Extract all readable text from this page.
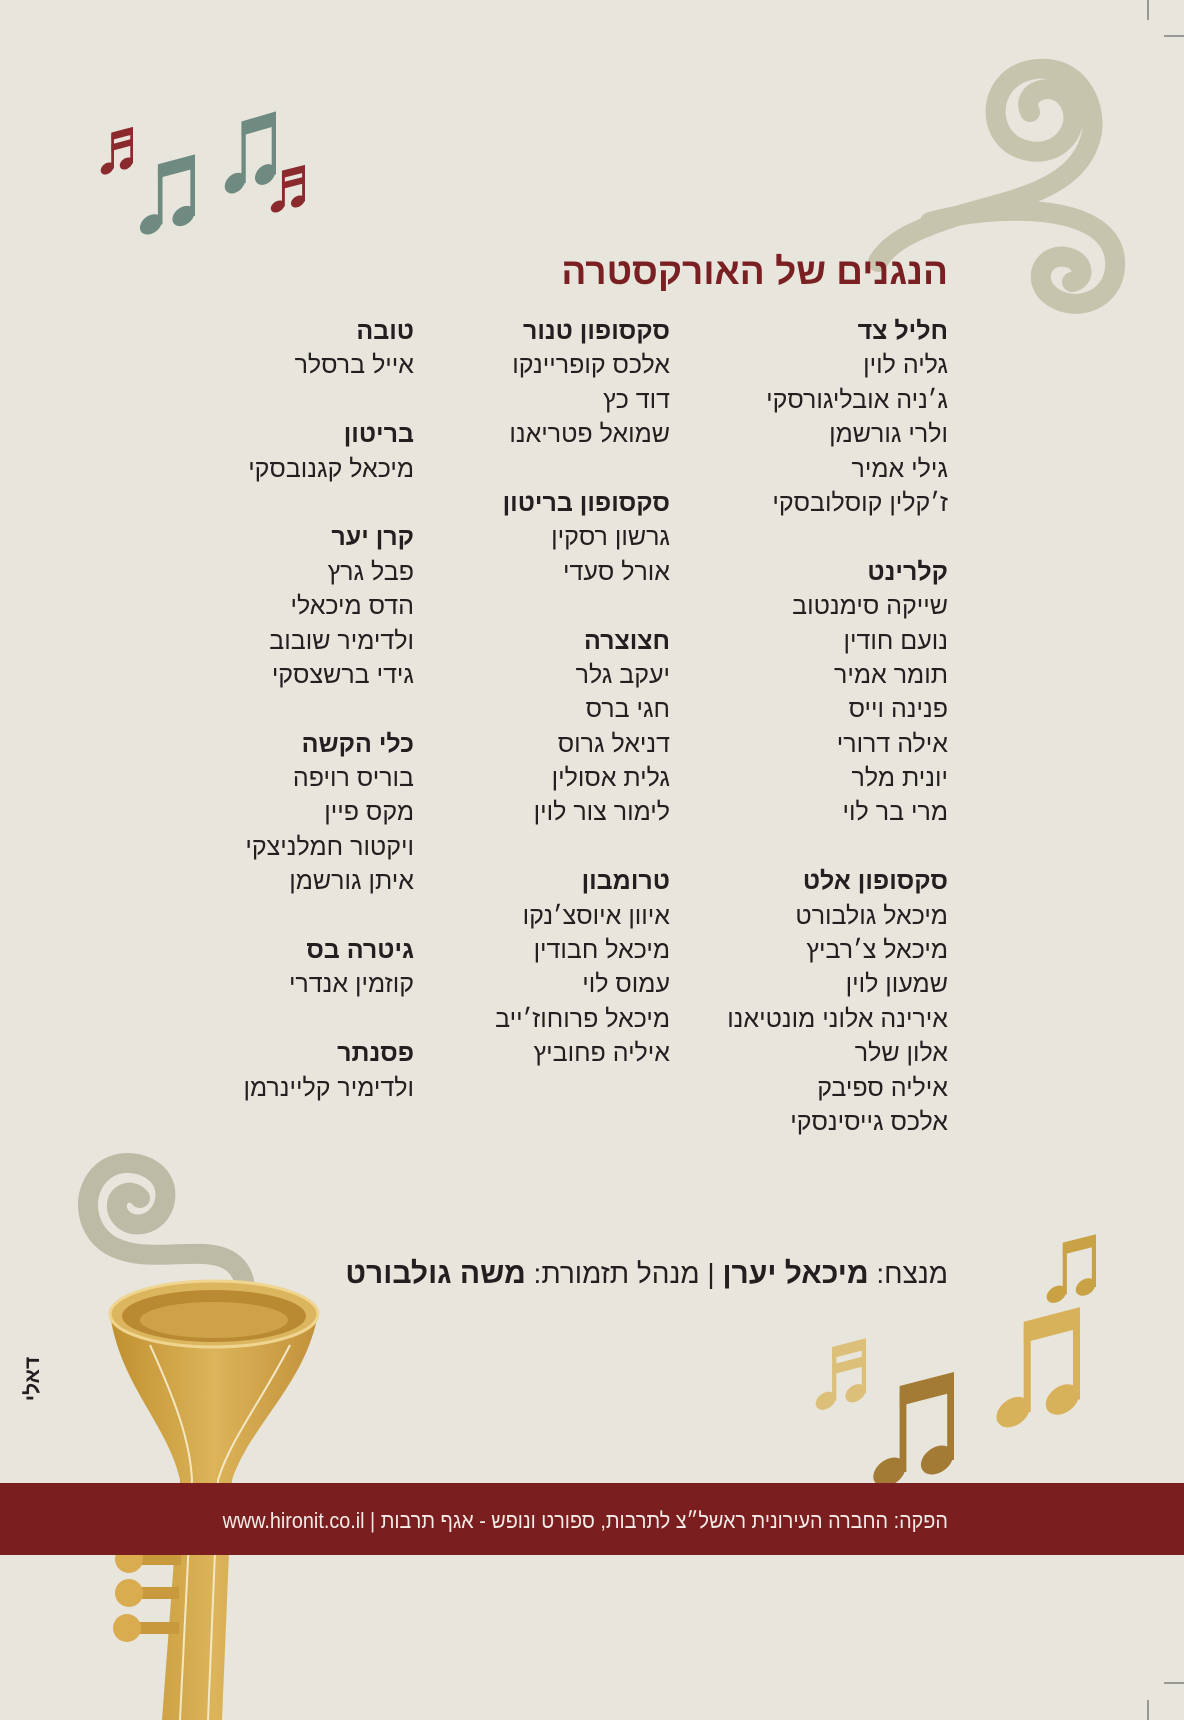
הנגנים של האורקסטרה
חליל צד
גליה לוין
ג׳ניה אובליגורסקי
ולרי גורשמן
גילי אמיר
ז׳קלין קוסלובסקי
קלרינט
שייקה סימנטוב
נועם חודין
תומר אמיר
פנינה וייס
אילה דרורי
יונית מלר
מרי בר לוי
סקסופון אלט
מיכאל גולבורט
מיכאל צ׳רביץ
שמעון לוין
אירינה אלוני מונטיאנו
אלון שלר
איליה ספיבק
אלכס גייסינסקי
סקסופון טנור
אלכס קופריינקו
דוד כץ
שמואל פטריאנו
סקסופון בריטון
גרשון רסקין
אורל סעדי
חצוצרה
יעקב גלר
חגי ברס
דניאל גרוס
גלית אסולין
לימור צור לוין
טרומבון
איוון איוסצ׳נקו
מיכאל חבודין
עמוס לוי
מיכאל פרוחוז׳ייב
איליה פחוביץ
טובה
אייל ברסלר
בריטון
מיכאל קגנובסקי
קרן יער
פבל גרץ
הדס מיכאלי
ולדימיר שובוב
גידי ברשצסקי
כלי הקשה
בוריס רויפה
מקס פיין
ויקטור חמלניצקי
איתן גורשמן
גיטרה בס
קוזמין אנדרי
פסנתר
ולדימיר קליינרמן
מנצח: מיכאל יערן | מנהל תזמורת: משה גולבורט
הפקה: החברה העירונית ראשל״צ לתרבות, ספורט ונופש - אגף תרבות | www.hironit.co.il
דאלי
